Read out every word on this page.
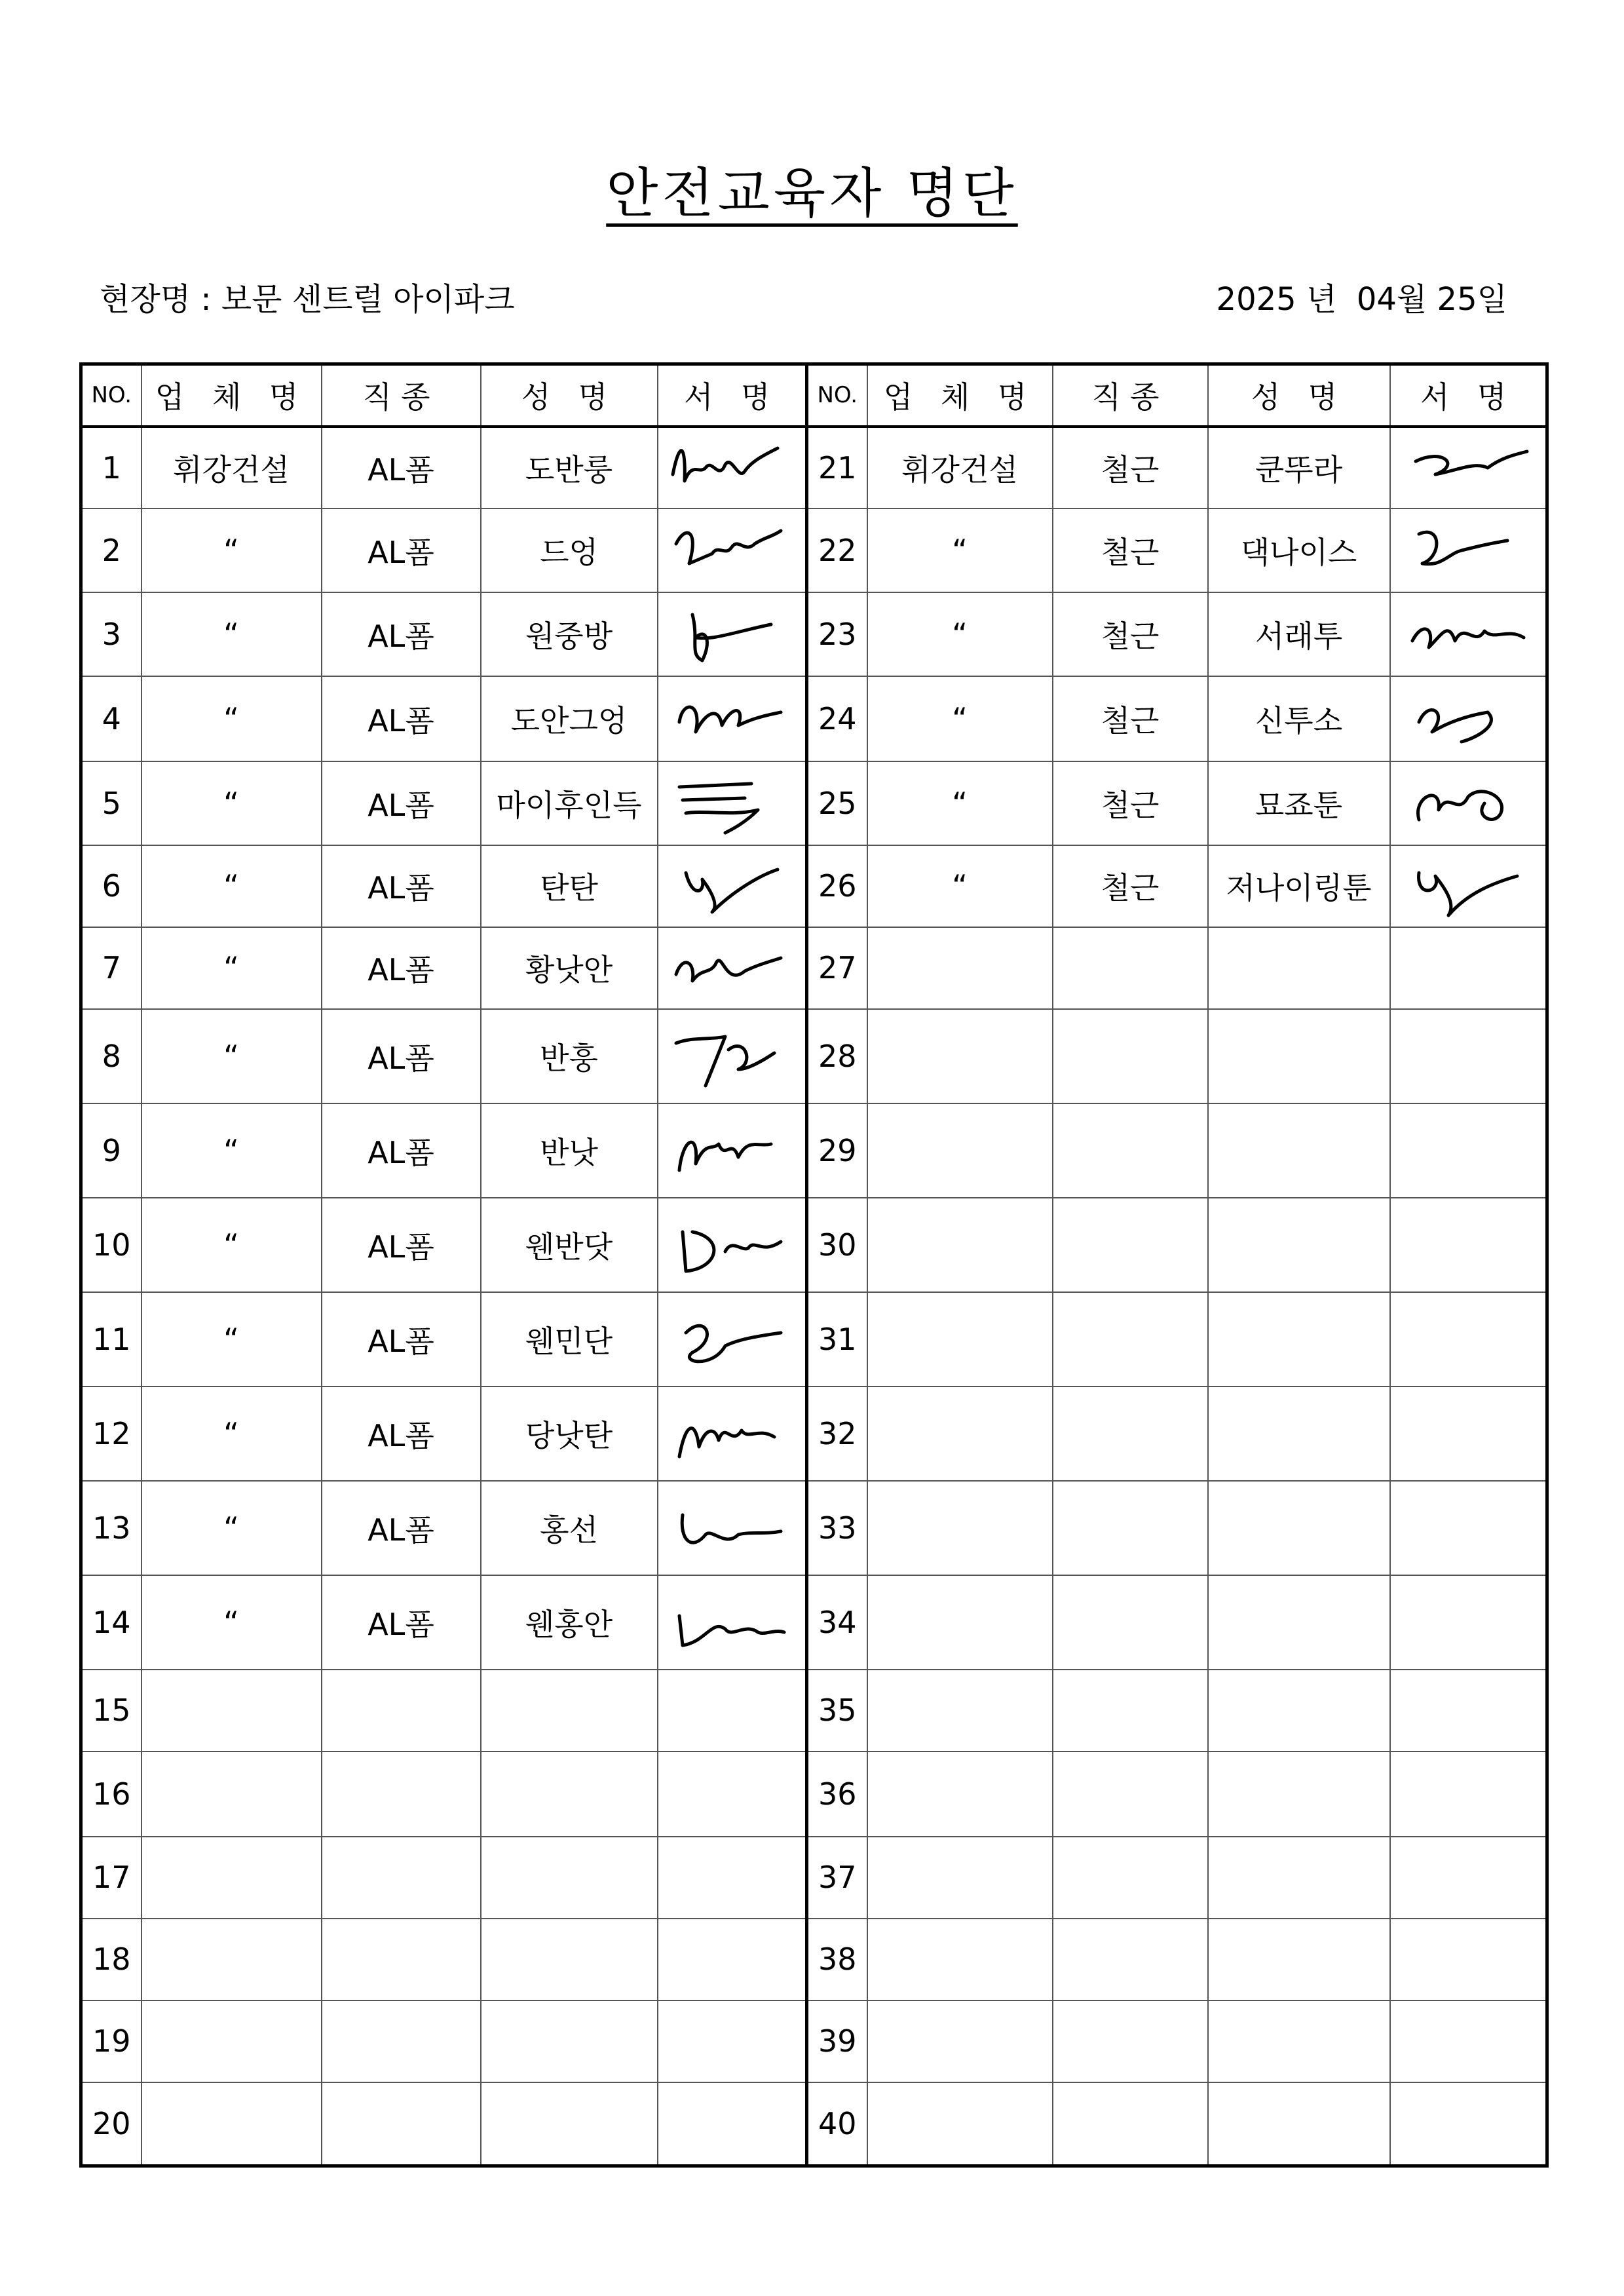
안전교육자 명단
현장명 : 보문 센트럴 아이파크	2025 년  04월 25일
NO.	업 체 명	직종	성 명	서 명	NO.	업 체 명	직종	성 명	서 명
1	휘강건설	AL폼	도반룽		21	휘강건설	철근	쿤뚜라	

2	“	AL폼	드엉		22	“	철근	댁나이스	

3	“	AL폼	원중방		23	“	철근	서래투	

4	“	AL폼	도안그엉		24	“	철근	신투소	

5	“	AL폼	마이후인득		25	“	철근	묘죠툰	

6	“	AL폼	탄탄		26	“	철근	저나이링툰	

7	“	AL폼	황낫안		27				
8	“	AL폼	반훙		28				
9	“	AL폼	반낫		29				
10	“	AL폼	웬반닷		30				
11	“	AL폼	웬민단		31				
12	“	AL폼	당낫탄		32				
13	“	AL폼	홍선		33				
14	“	AL폼	웬홍안		34				
15					35				
16					36				
17					37				
18					38				
19					39				
20					40				
